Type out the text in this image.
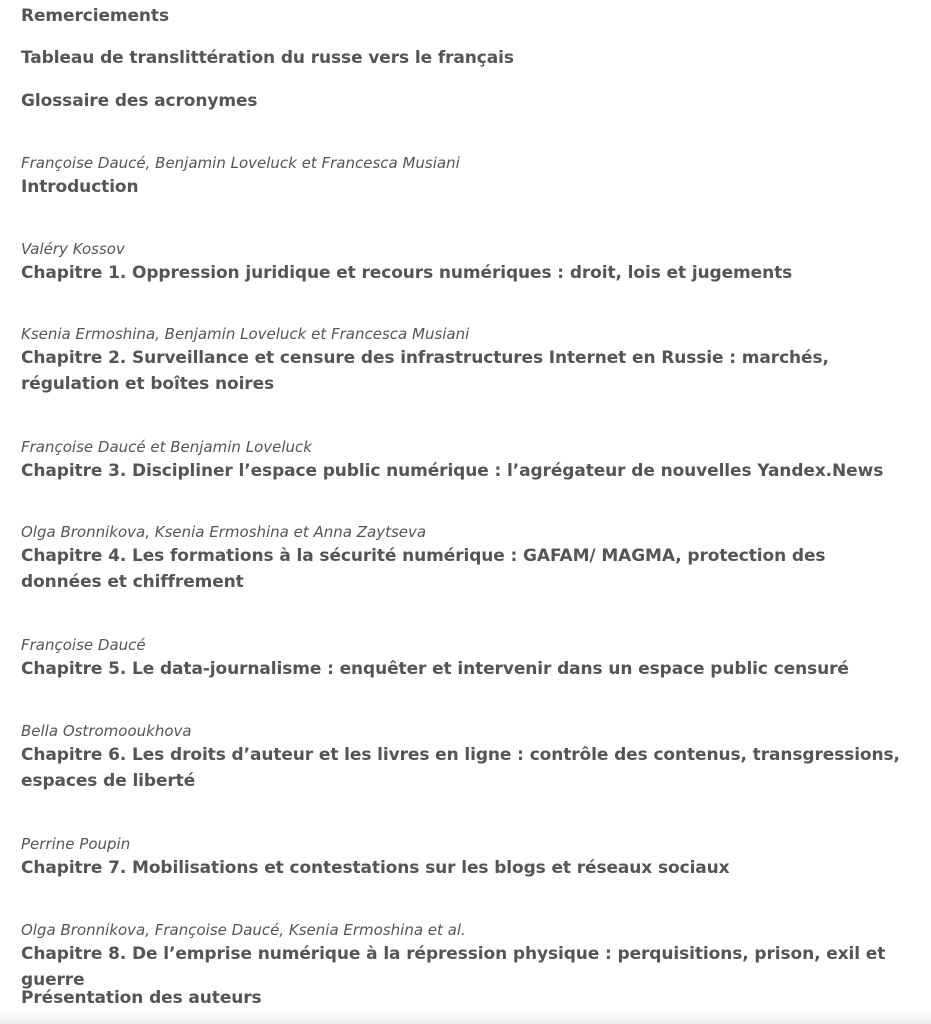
Remerciements
Tableau de translittération du russe vers le français
Glossaire des acronymes
Françoise Daucé, Benjamin Loveluck et Francesca Musiani
Introduction
Valéry Kossov
Chapitre 1. Oppression juridique et recours numériques : droit, lois et jugements
Ksenia Ermoshina, Benjamin Loveluck et Francesca Musiani
Chapitre 2. Surveillance et censure des infrastructures Internet en Russie : marchés, régulation et boîtes noires
Françoise Daucé et Benjamin Loveluck
Chapitre 3. Discipliner l’espace public numérique : l’agrégateur de nouvelles Yandex.News
Olga Bronnikova, Ksenia Ermoshina et Anna Zaytseva
Chapitre 4. Les formations à la sécurité numérique : GAFAM/ MAGMA, protection des données et chiffrement
Françoise Daucé
Chapitre 5. Le data-journalisme : enquêter et intervenir dans un espace public censuré
Bella Ostromooukhova
Chapitre 6. Les droits d’auteur et les livres en ligne : contrôle des contenus, transgressions, espaces de liberté
Perrine Poupin
Chapitre 7. Mobilisations et contestations sur les blogs et réseaux sociaux
Olga Bronnikova, Françoise Daucé, Ksenia Ermoshina et al.
Chapitre 8. De l’emprise numérique à la répression physique : perquisitions, prison, exil et guerre
Présentation des auteurs
